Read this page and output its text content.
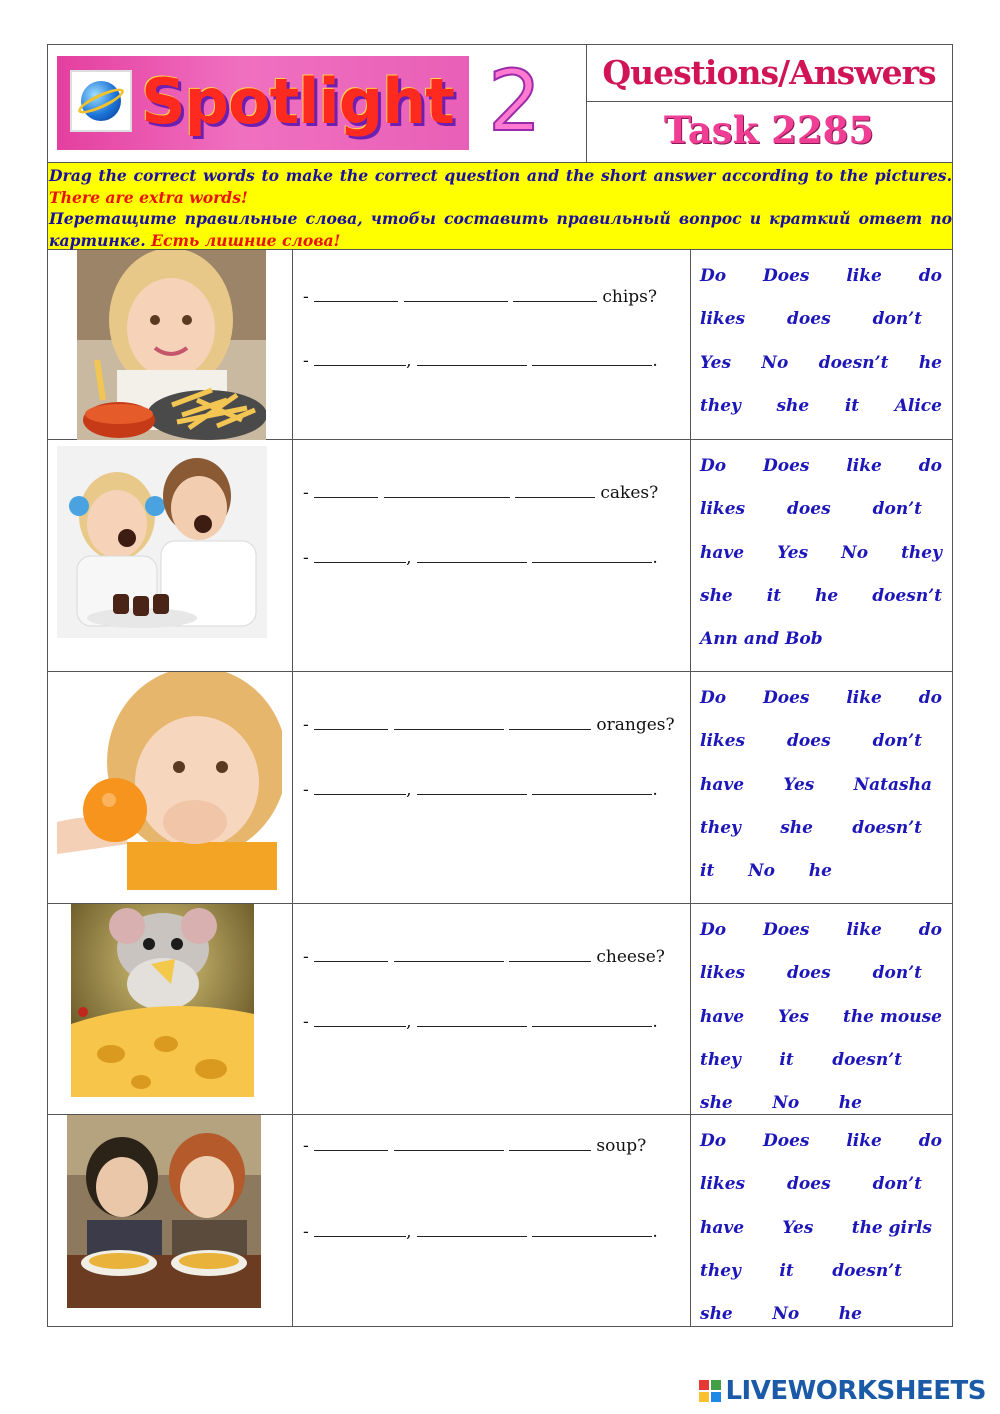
Spotlight 2	Questions/Answers
Task 2285

Drag the correct words to make the correct question and the short answer according to the pictures. There are extra words!

Перетащите правильные слова, чтобы составить правильный вопрос и краткий ответ по картинке. Есть лишние слова!

-	chips?
-	,	.
Do Does like do
likes does don’t
Yes No doesn’t he
they she it Alice
-	cakes?
-	,	.
Do Does like do
likes does don’t
have Yes No they
she it he doesn’t
Ann and Bob
-	oranges?
-	,	.
Do Does like do
likes does don’t
have Yes Natasha
they she doesn’t
it No he
-	cheese?
-	,	.
Do Does like do
likes does don’t
have Yes the mouse
they it doesn’t
she No he
-	soup?
-	,	.
Do Does like do
likes does don’t
have Yes the girls
they it doesn’t
she No he
LIVEWORKSHEETS
